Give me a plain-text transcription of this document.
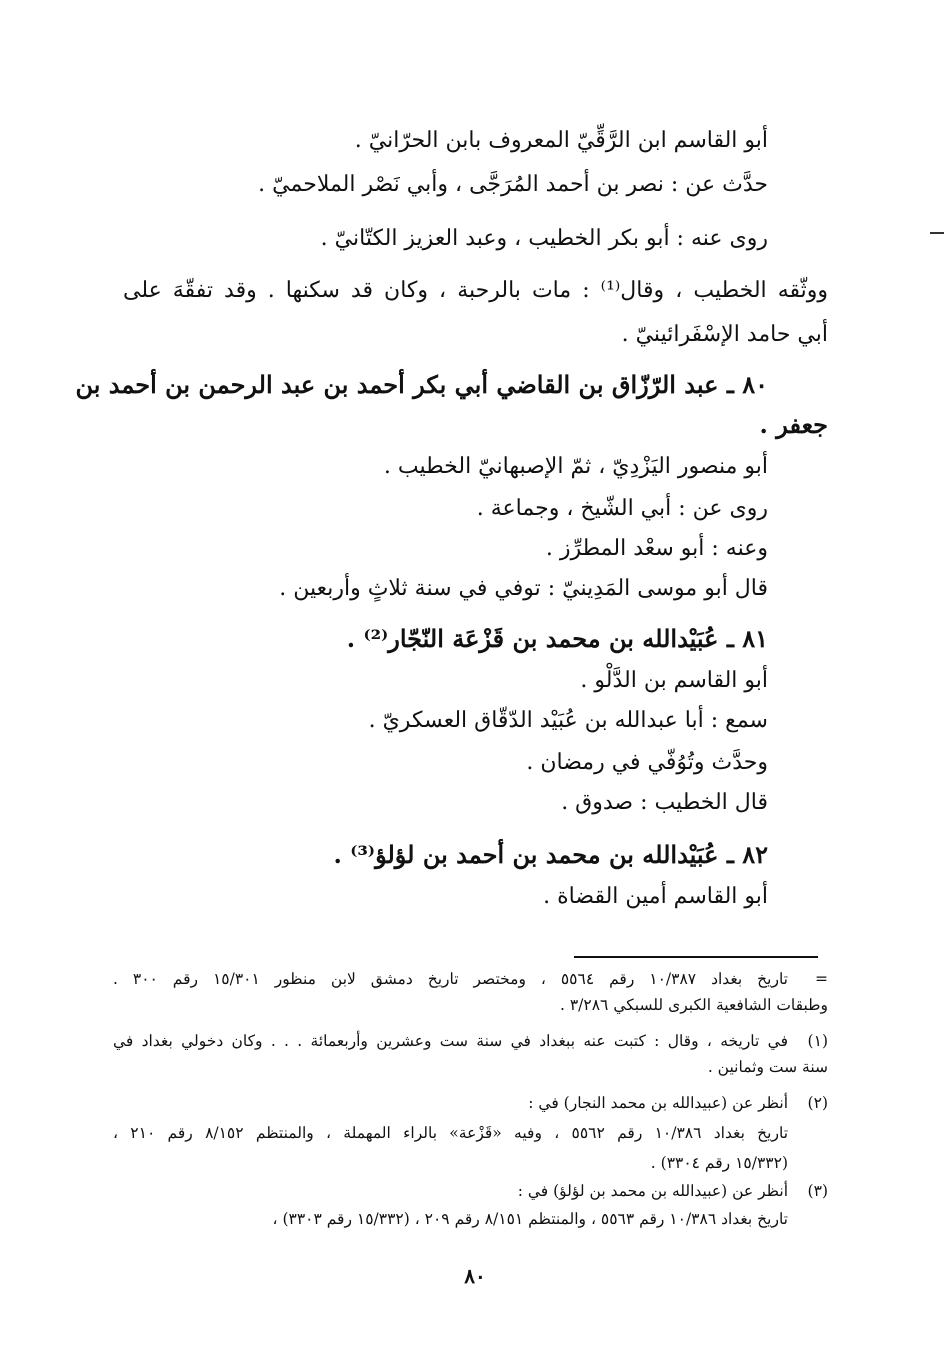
أبو القاسم ابن الرَّقِّيّ المعروف بابن الحرّانيّ .
حدَّث عن : نصر بن أحمد المُرَجَّى ، وأبي نَصْر الملاحميّ .
روى عنه : أبو بكر الخطيب ، وعبد العزيز الكتّانيّ .
ووثّقه الخطيب ، وقال⁽¹⁾ : مات بالرحبة ، وكان قد سكنها . وقد تفقّهَ على
أبي حامد الإسْفَرائينيّ .
٨٠ ـ عبد الرّزّاق بن القاضي أبي بكر أحمد بن عبد الرحمن بن أحمد بن
جعفر .
أبو منصور اليَزْدِيّ ، ثمّ الإصبهانيّ الخطيب .
روى عن : أبي الشّيخ ، وجماعة .
وعنه : أبو سعْد المطرِّز .
قال أبو موسى المَدِينيّ : توفي في سنة ثلاثٍ وأربعين .
٨١ ـ عُبَيْدالله بن محمد بن قَزْعَة النّجّار⁽²⁾ .
أبو القاسم بن الدَّلْو .
سمع : أبا عبدالله بن عُبَيْد الدّقّاق العسكريّ .
وحدَّث وتُوُفّي في رمضان .
قال الخطيب : صدوق .
٨٢ ـ عُبَيْدالله بن محمد بن أحمد بن لؤلؤ⁽³⁾ .
أبو القاسم أمين القضاة .
=
تاريخ بغداد ١٠/٣٨٧ رقم ٥٥٦٤ ، ومختصر تاريخ دمشق لابن منظور ١٥/٣٠١ رقم ٣٠٠ .
وطبقات الشافعية الكبرى للسبكي ٣/٢٨٦ .
(١)
في تاريخه ، وقال : كتبت عنه ببغداد في سنة ست وعشرين وأربعمائة . . . وكان دخولي بغداد في
سنة ست وثمانين .
(٢)
أنظر عن (عبيدالله بن محمد النجار) في :
تاريخ بغداد ١٠/٣٨٦ رقم ٥٥٦٢ ، وفيه «قَزْعة» بالراء المهملة ، والمنتظم ٨/١٥٢ رقم ٢١٠ ،
(١٥/٣٣٢ رقم ٣٣٠٤) .
(٣)
أنظر عن (عبيدالله بن محمد بن لؤلؤ) في :
تاريخ بغداد ١٠/٣٨٦ رقم ٥٥٦٣ ، والمنتظم ٨/١٥١ رقم ٢٠٩ ، (١٥/٣٣٢ رقم ٣٣٠٣) ،
٨٠
